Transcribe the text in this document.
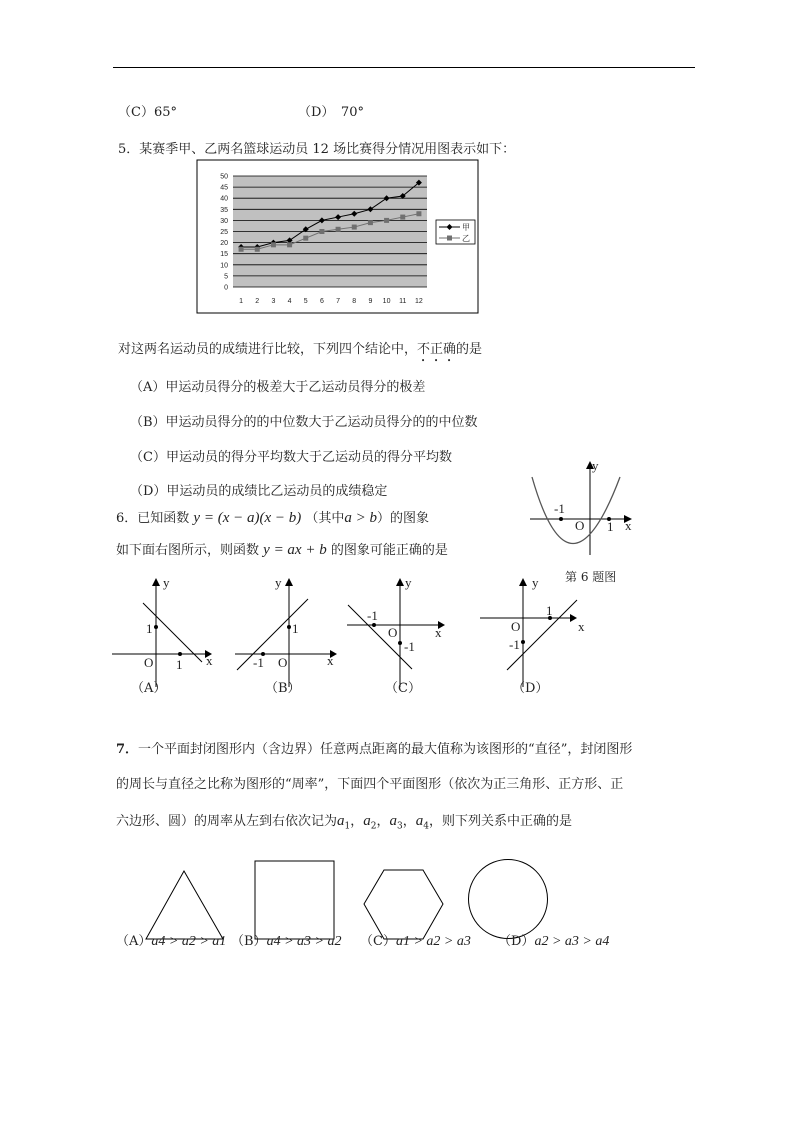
（C）65°	（D）　70°
5．某赛季甲、乙两名篮球运动员 12 场比赛得分情况用图表示如下：
0
5
10
15
20
25
30
35
40
45
50
1 2 3 4 5 6 7 8 9 10 11 12
甲
乙
对这两名运动员的成绩进行比较，下列四个结论中，不正确的是
（A）甲运动员得分的极差大于乙运动员得分的极差
（B）甲运动员得分的的中位数大于乙运动员得分的的中位数
（C）甲运动员的得分平均数大于乙运动员的得分平均数
（D）甲运动员的成绩比乙运动员的成绩稳定
6．已知函数 y = (x − a)(x − b) （其中a > b）的图象
如下面右图所示，则函数 y = ax + b 的图象可能正确的是
y
-1
O 1 x
第 6 题图
y
1
O 1 x
y
1
-1 O	x
y
-1
O
-1
x
y
1
O
-1
x
（A）	（B）	（C）	（D）
7．一个平面封闭图形内（含边界）任意两点距离的最大值称为该图形的“直径”，封闭图形
的周长与直径之比称为图形的“周率”，下面四个平面图形（依次为正三角形、正方形、正
六边形、圆）的周率从左到右依次记为$a_1$，$a_2$，$a_3$，$a_4$，则下列关系中正确的是
（A）a4 > a2 > a1 （B）a4 > a3 > a2 （C）a1 > a2 > a3 （D）a2 > a3 > a4
